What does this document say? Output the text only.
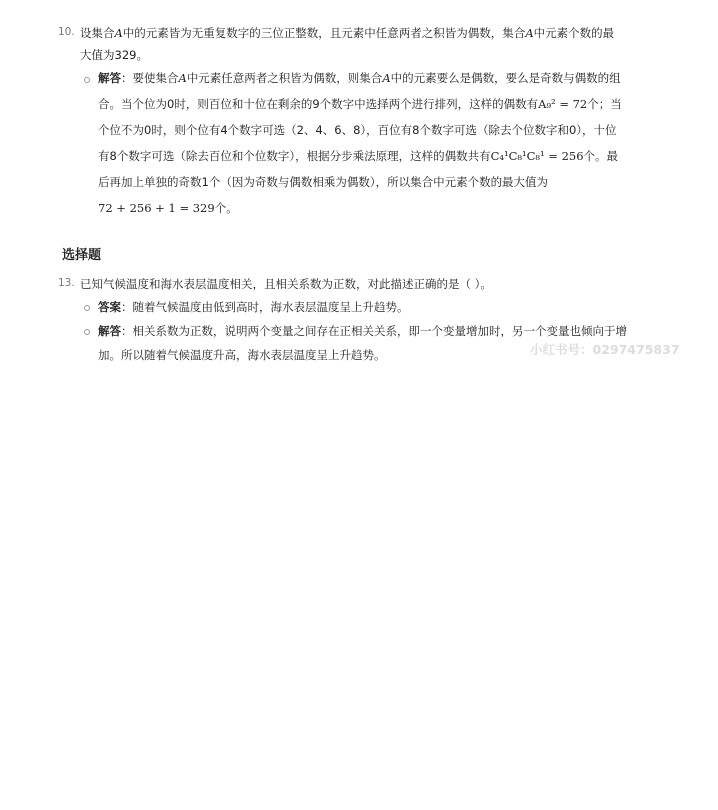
10. 设集合A中的元素皆为无重复数字的三位正整数，且元素中任意两者之积皆为偶数，集合A中元素个数的最
大值为329。
解答：要使集合A中元素任意两者之积皆为偶数，则集合A中的元素要么是偶数，要么是奇数与偶数的组
合。当个位为0时，则百位和十位在剩余的9个数字中选择两个进行排列，这样的偶数有A₉² = 72个；当
个位不为0时，则个位有4个数字可选（2、4、6、8），百位有8个数字可选（除去个位数字和0），十位
有8个数字可选（除去百位和个位数字），根据分步乘法原理，这样的偶数共有C₄¹C₈¹C₈¹ = 256个。最
后再加上单独的奇数1个（因为奇数与偶数相乘为偶数），所以集合中元素个数的最大值为
72 + 256 + 1 = 329个。
选择题
13. 已知气候温度和海水表层温度相关，且相关系数为正数，对此描述正确的是（ ）。
答案：随着气候温度由低到高时，海水表层温度呈上升趋势。
解答：相关系数为正数，说明两个变量之间存在正相关关系，即一个变量增加时，另一个变量也倾向于增
加。所以随着气候温度升高，海水表层温度呈上升趋势。	小红书号：0297475837
